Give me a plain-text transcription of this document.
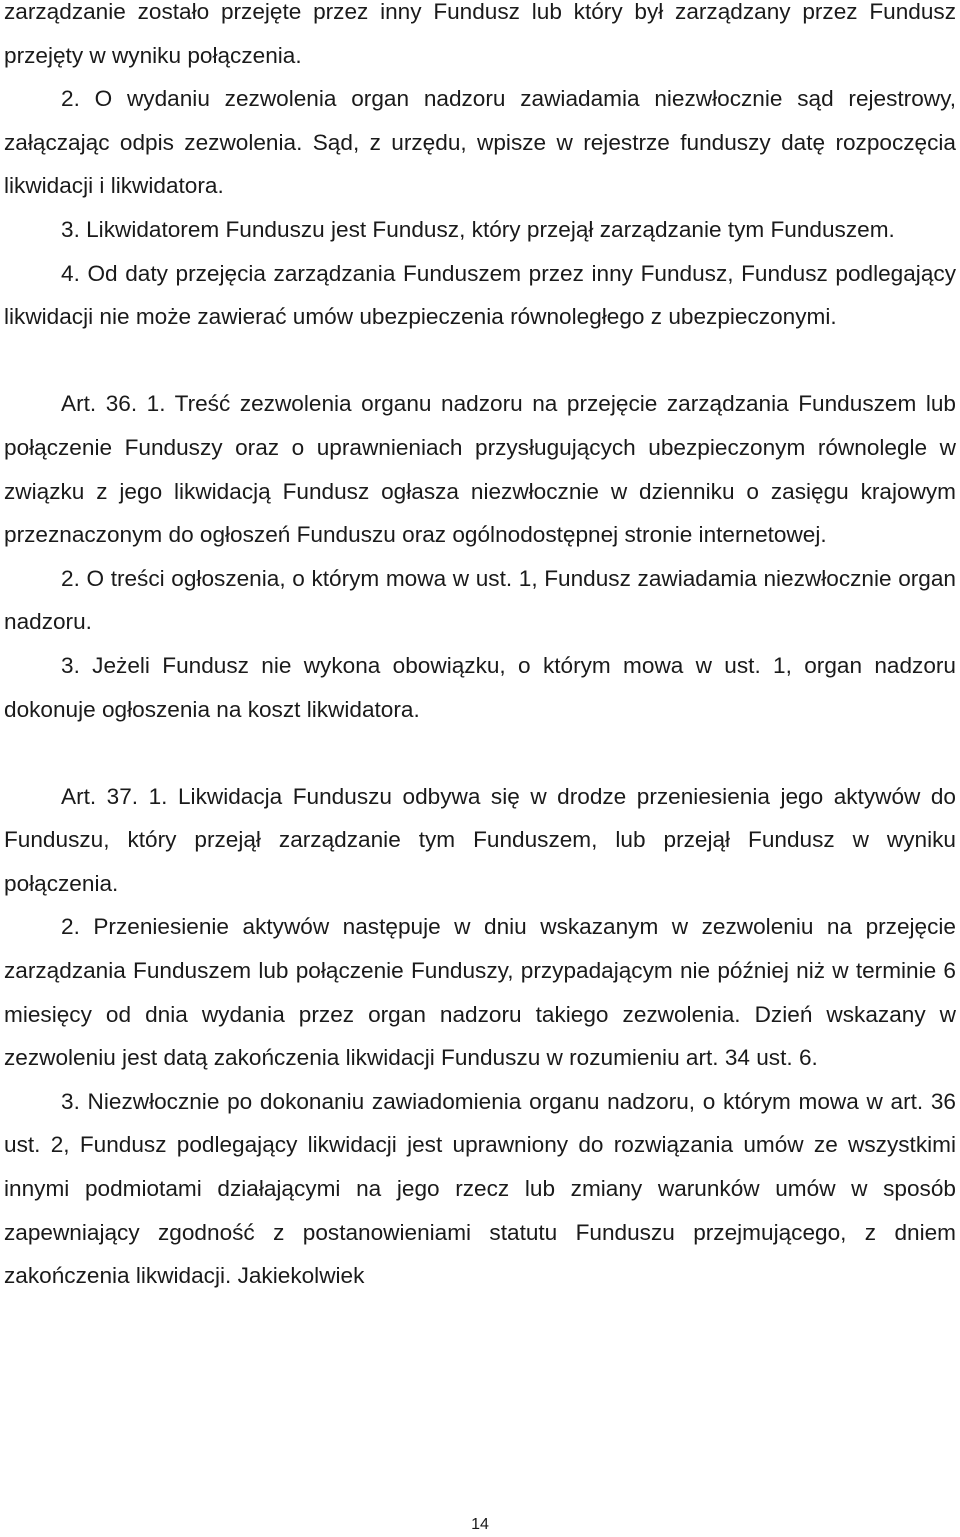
zarządzanie zostało przejęte przez inny Fundusz lub który był zarządzany przez Fundusz przejęty w wyniku połączenia.

2. O wydaniu zezwolenia organ nadzoru zawiadamia niezwłocznie sąd rejestrowy, załączając odpis zezwolenia. Sąd, z urzędu, wpisze w rejestrze funduszy datę rozpoczęcia likwidacji i likwidatora.

3. Likwidatorem Funduszu jest Fundusz, który przejął zarządzanie tym Funduszem.

4. Od daty przejęcia zarządzania Funduszem przez inny Fundusz, Fundusz podlegający likwidacji nie może zawierać umów ubezpieczenia równoległego z ubezpieczonymi.

Art. 36. 1. Treść zezwolenia organu nadzoru na przejęcie zarządzania Funduszem lub połączenie Funduszy oraz o uprawnieniach przysługujących ubezpieczonym równolegle w związku z jego likwidacją Fundusz ogłasza niezwłocznie w dzienniku o zasięgu krajowym przeznaczonym do ogłoszeń Funduszu oraz ogólnodostępnej stronie internetowej.

2. O treści ogłoszenia, o którym mowa w ust. 1, Fundusz zawiadamia niezwłocznie organ nadzoru.

3. Jeżeli Fundusz nie wykona obowiązku, o którym mowa w ust. 1, organ nadzoru dokonuje ogłoszenia na koszt likwidatora.

Art. 37. 1. Likwidacja Funduszu odbywa się w drodze przeniesienia jego aktywów do Funduszu, który przejął zarządzanie tym Funduszem, lub przejął Fundusz w wyniku połączenia.

2. Przeniesienie aktywów następuje w dniu wskazanym w zezwoleniu na przejęcie zarządzania Funduszem lub połączenie Funduszy, przypadającym nie później niż w terminie 6 miesięcy od dnia wydania przez organ nadzoru takiego zezwolenia. Dzień wskazany w zezwoleniu jest datą zakończenia likwidacji Funduszu w rozumieniu art. 34 ust. 6.

3. Niezwłocznie po dokonaniu zawiadomienia organu nadzoru, o którym mowa w art. 36 ust. 2, Fundusz podlegający likwidacji jest uprawniony do rozwiązania umów ze wszystkimi innymi podmiotami działającymi na jego rzecz lub zmiany warunków umów w sposób zapewniający zgodność z postanowieniami statutu Funduszu przejmującego, z dniem zakończenia likwidacji. Jakiekolwiek

14
